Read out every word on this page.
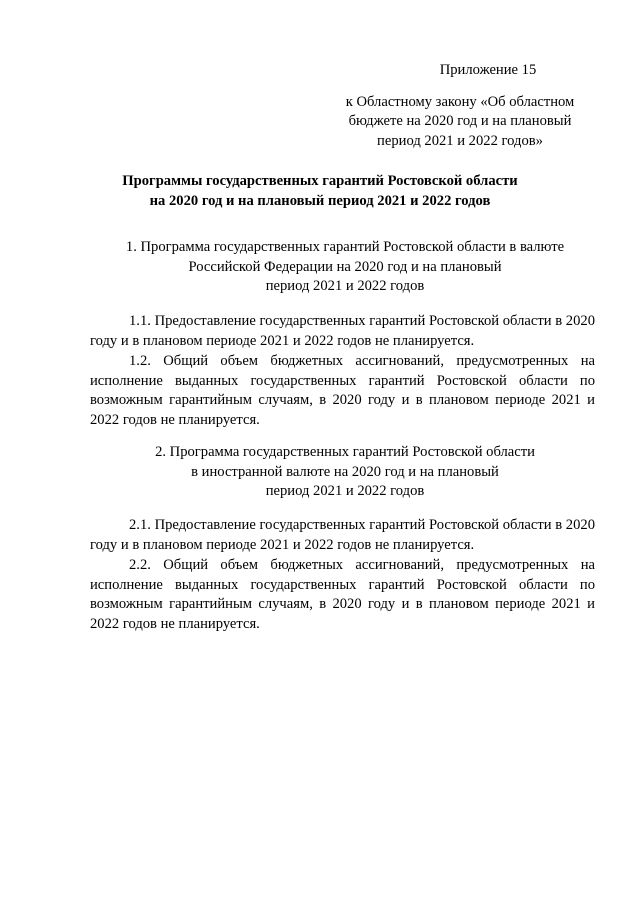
Приложение 15
к Областному закону «Об областном
бюджете на 2020 год и на плановый
период 2021 и 2022 годов»
Программы государственных гарантий Ростовской области
на 2020 год и на плановый период 2021 и 2022 годов
1. Программа государственных гарантий Ростовской области в валюте
Российской Федерации на 2020 год и на плановый
период 2021 и 2022 годов

1.1. Предоставление государственных гарантий Ростовской области в 2020 году и в плановом периоде 2021 и 2022 годов не планируется.

1.2. Общий объем бюджетных ассигнований, предусмотренных на исполнение выданных государственных гарантий Ростовской области по возможным гарантийным случаям, в 2020 году и в плановом периоде 2021 и 2022 годов не планируется.

2. Программа государственных гарантий Ростовской области
в иностранной валюте на 2020 год и на плановый
период 2021 и 2022 годов

2.1. Предоставление государственных гарантий Ростовской области в 2020 году и в плановом периоде 2021 и 2022 годов не планируется.

2.2. Общий объем бюджетных ассигнований, предусмотренных на исполнение выданных государственных гарантий Ростовской области по возможным гарантийным случаям, в 2020 году и в плановом периоде 2021 и 2022 годов не планируется.
